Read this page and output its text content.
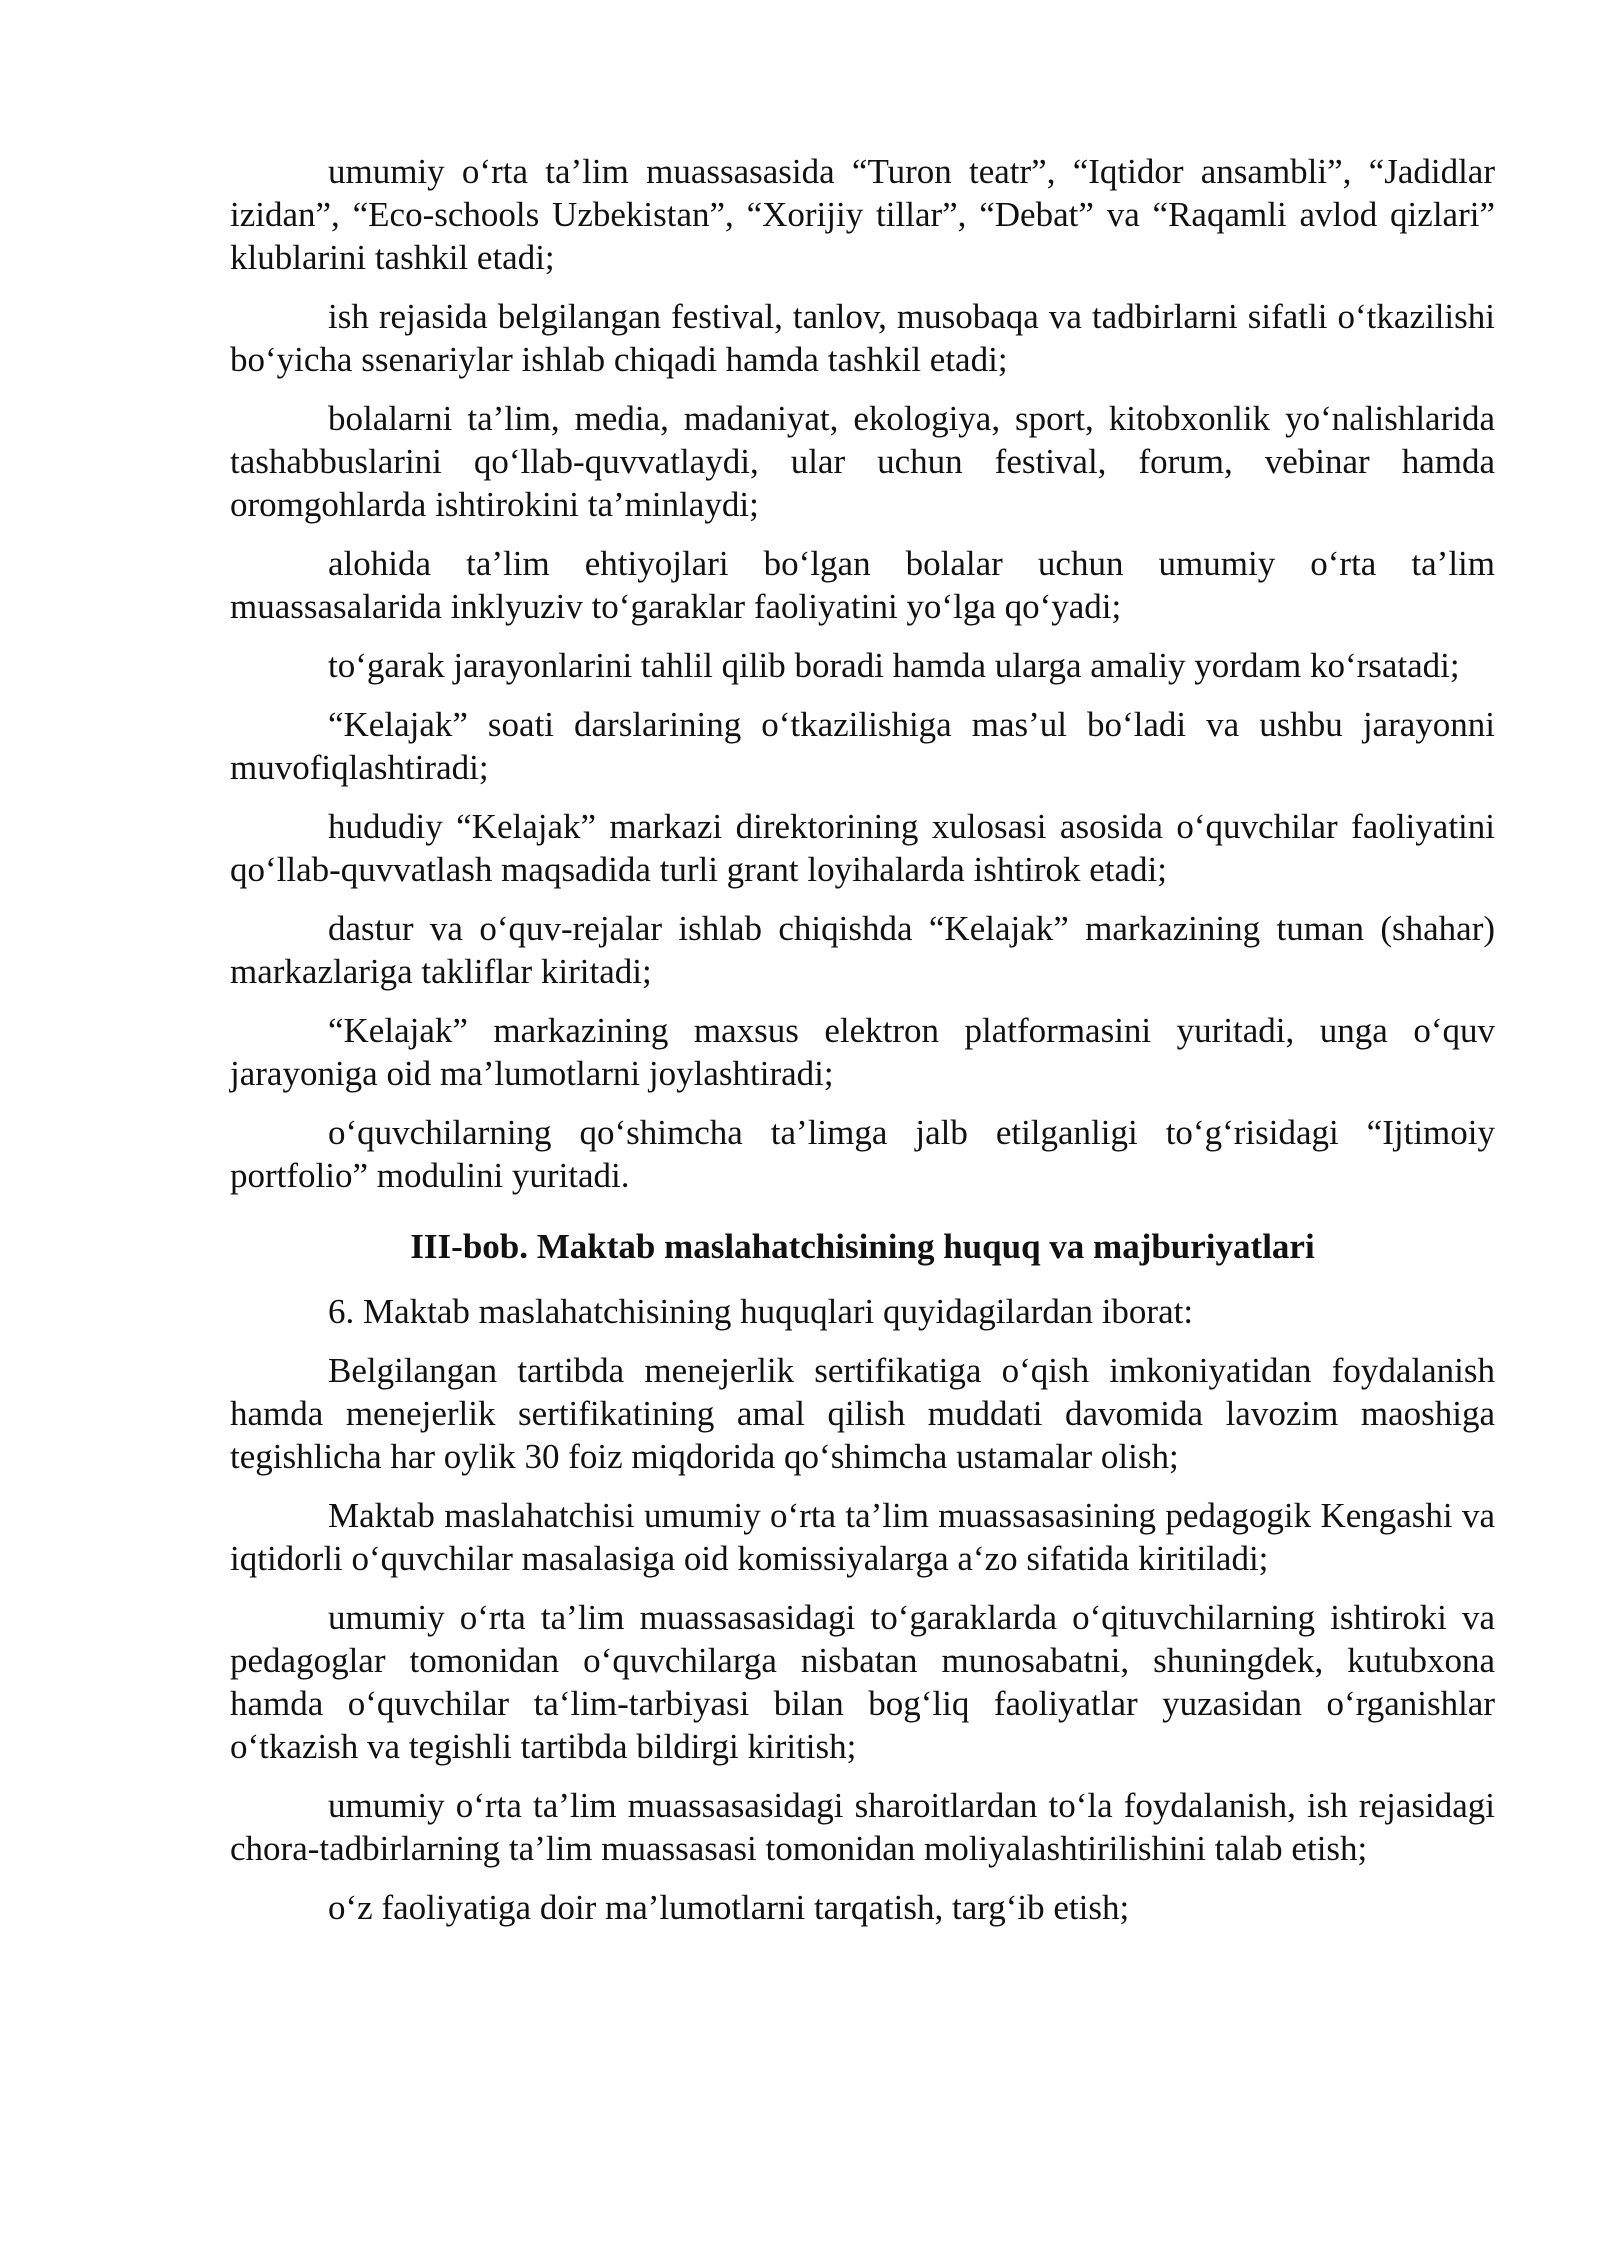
umumiy o‘rta ta’lim muassasasida “Turon teatr”, “Iqtidor ansambli”, “Jadidlar izidan”, “Eco-schools Uzbekistan”, “Xorijiy tillar”, “Debat” va “Raqamli avlod qizlari” klublarini tashkil etadi;

ish rejasida belgilangan festival, tanlov, musobaqa va tadbirlarni sifatli o‘tkazilishi bo‘yicha ssenariylar ishlab chiqadi hamda tashkil etadi;

bolalarni ta’lim, media, madaniyat, ekologiya, sport, kitobxonlik yo‘nalishlarida tashabbuslarini qo‘llab-quvvatlaydi, ular uchun festival, forum, vebinar hamda oromgohlarda ishtirokini ta’minlaydi;

alohida ta’lim ehtiyojlari bo‘lgan bolalar uchun umumiy o‘rta ta’lim muassasalarida inklyuziv to‘garaklar faoliyatini yo‘lga qo‘yadi;

to‘garak jarayonlarini tahlil qilib boradi hamda ularga amaliy yordam ko‘rsatadi;

“Kelajak” soati darslarining o‘tkazilishiga mas’ul bo‘ladi va ushbu jarayonni muvofiqlashtiradi;

hududiy “Kelajak” markazi direktorining xulosasi asosida o‘quvchilar faoliyatini qo‘llab-quvvatlash maqsadida turli grant loyihalarda ishtirok etadi;

dastur va o‘quv-rejalar ishlab chiqishda “Kelajak” markazining tuman (shahar) markazlariga takliflar kiritadi;

“Kelajak” markazining maxsus elektron platformasini yuritadi, unga o‘quv jarayoniga oid ma’lumotlarni joylashtiradi;

o‘quvchilarning qo‘shimcha ta’limga jalb etilganligi to‘g‘risidagi “Ijtimoiy portfolio” modulini yuritadi.

III-bob. Maktab maslahatchisining huquq va majburiyatlari

6. Maktab maslahatchisining huquqlari quyidagilardan iborat:

Belgilangan tartibda menejerlik sertifikatiga o‘qish imkoniyatidan foydalanish hamda menejerlik sertifikatining amal qilish muddati davomida lavozim maoshiga tegishlicha har oylik 30 foiz miqdorida qo‘shimcha ustamalar olish;

Maktab maslahatchisi umumiy o‘rta ta’lim muassasasining pedagogik Kengashi va iqtidorli o‘quvchilar masalasiga oid komissiyalarga a‘zo sifatida kiritiladi;

umumiy o‘rta ta’lim muassasasidagi to‘garaklarda o‘qituvchilarning ishtiroki va pedagoglar tomonidan o‘quvchilarga nisbatan munosabatni, shuningdek, kutubxona hamda o‘quvchilar ta‘lim-tarbiyasi bilan bog‘liq faoliyatlar yuzasidan o‘rganishlar o‘tkazish va tegishli tartibda bildirgi kiritish;

umumiy o‘rta ta’lim muassasasidagi sharoitlardan to‘la foydalanish, ish rejasidagi chora-tadbirlarning ta’lim muassasasi tomonidan moliyalashtirilishini talab etish;

o‘z faoliyatiga doir ma’lumotlarni tarqatish, targ‘ib etish;
